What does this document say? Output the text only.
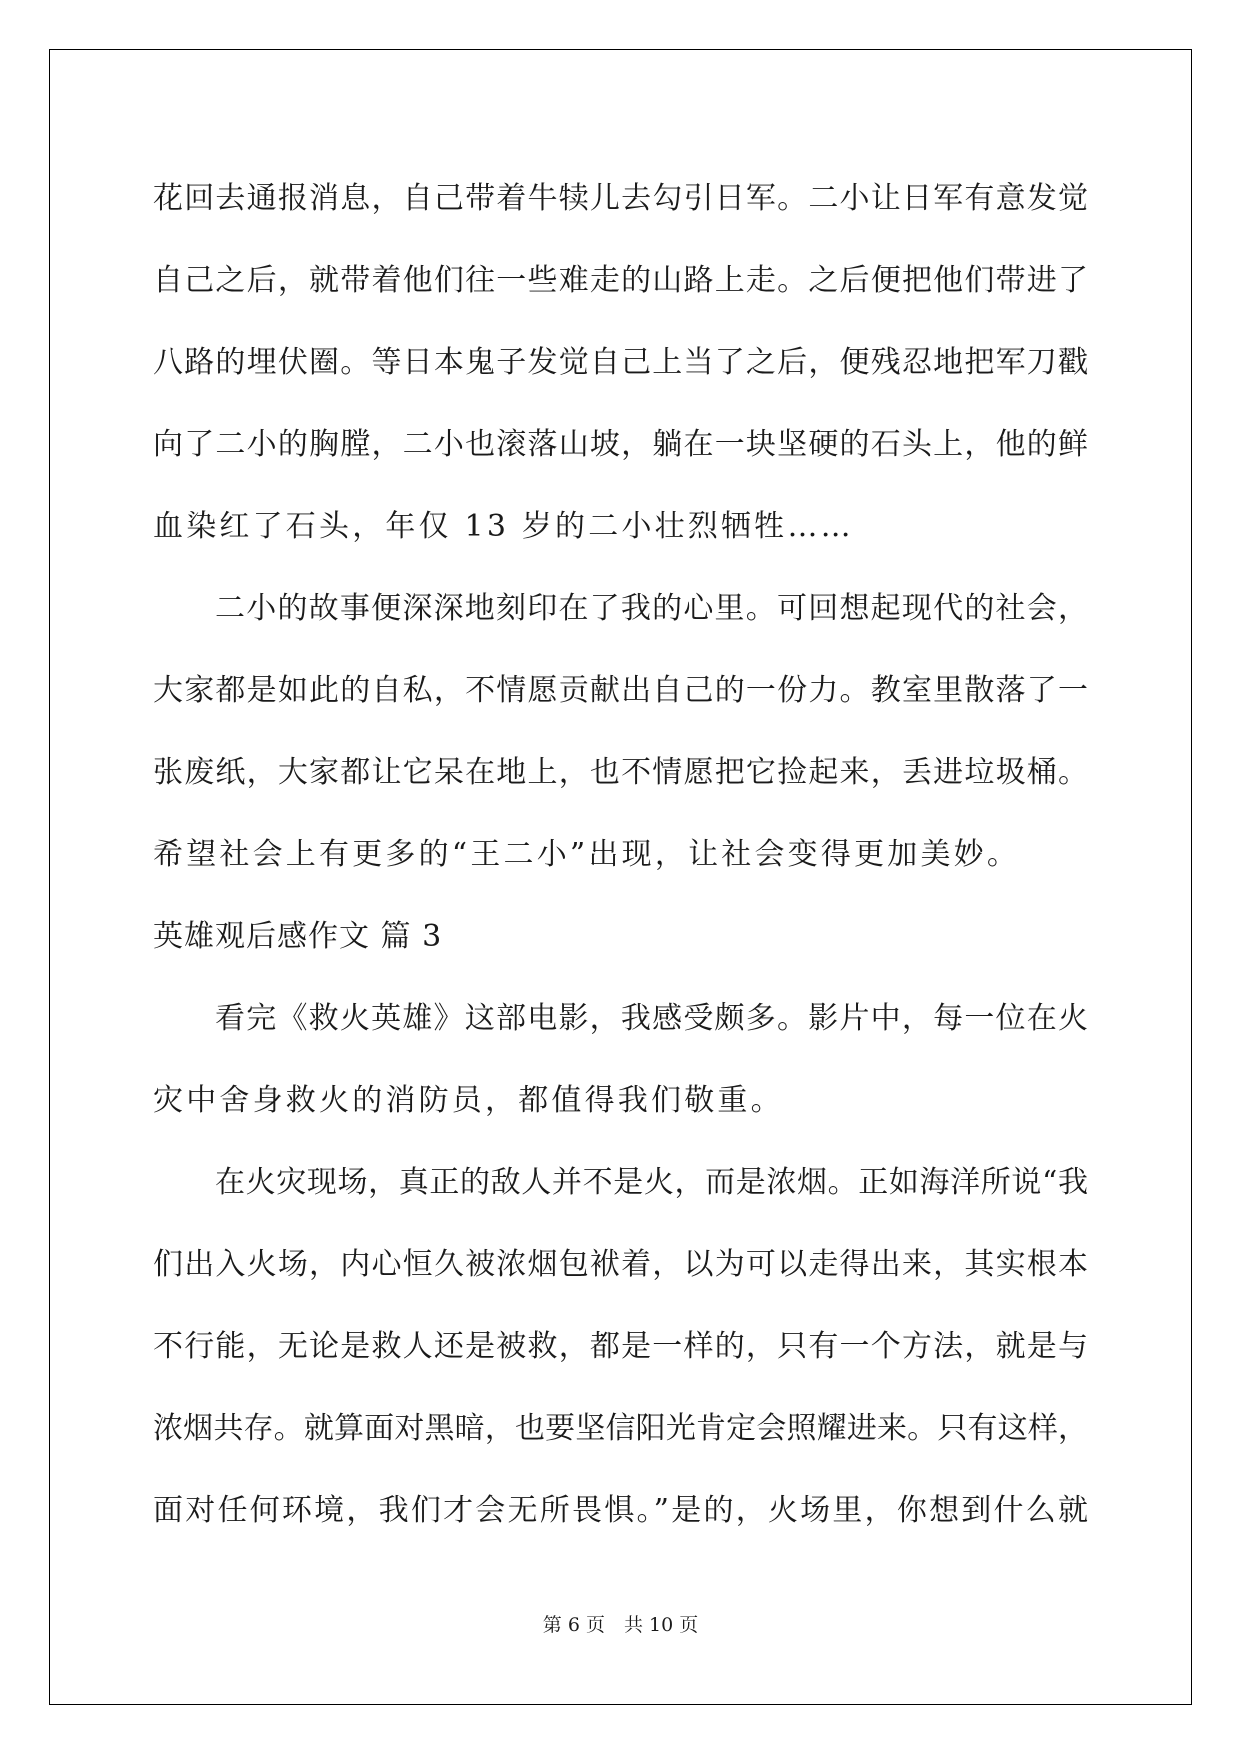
花回去通报消息，自己带着牛犊儿去勾引日军。二小让日军有意发觉
自己之后，就带着他们往一些难走的山路上走。之后便把他们带进了
八路的埋伏圈。等日本鬼子发觉自己上当了之后，便残忍地把军刀戳
向了二小的胸膛，二小也滚落山坡，躺在一块坚硬的石头上，他的鲜
血染红了石头，年仅 13 岁的二小壮烈牺牲……
二小的故事便深深地刻印在了我的心里。可回想起现代的社会，
大家都是如此的自私，不情愿贡献出自己的一份力。教室里散落了一
张废纸，大家都让它呆在地上，也不情愿把它捡起来，丢进垃圾桶。
希望社会上有更多的“王二小”出现，让社会变得更加美妙。
英雄观后感作文 篇 3
看完《救火英雄》这部电影，我感受颇多。影片中，每一位在火
灾中舍身救火的消防员，都值得我们敬重。
在火灾现场，真正的敌人并不是火，而是浓烟。正如海洋所说“我
们出入火场，内心恒久被浓烟包袱着，以为可以走得出来，其实根本
不行能，无论是救人还是被救，都是一样的，只有一个方法，就是与
浓烟共存。就算面对黑暗，也要坚信阳光肯定会照耀进来。只有这样，
面对任何环境，我们才会无所畏惧。”是的，火场里，你想到什么就
第 6 页　共 10 页
